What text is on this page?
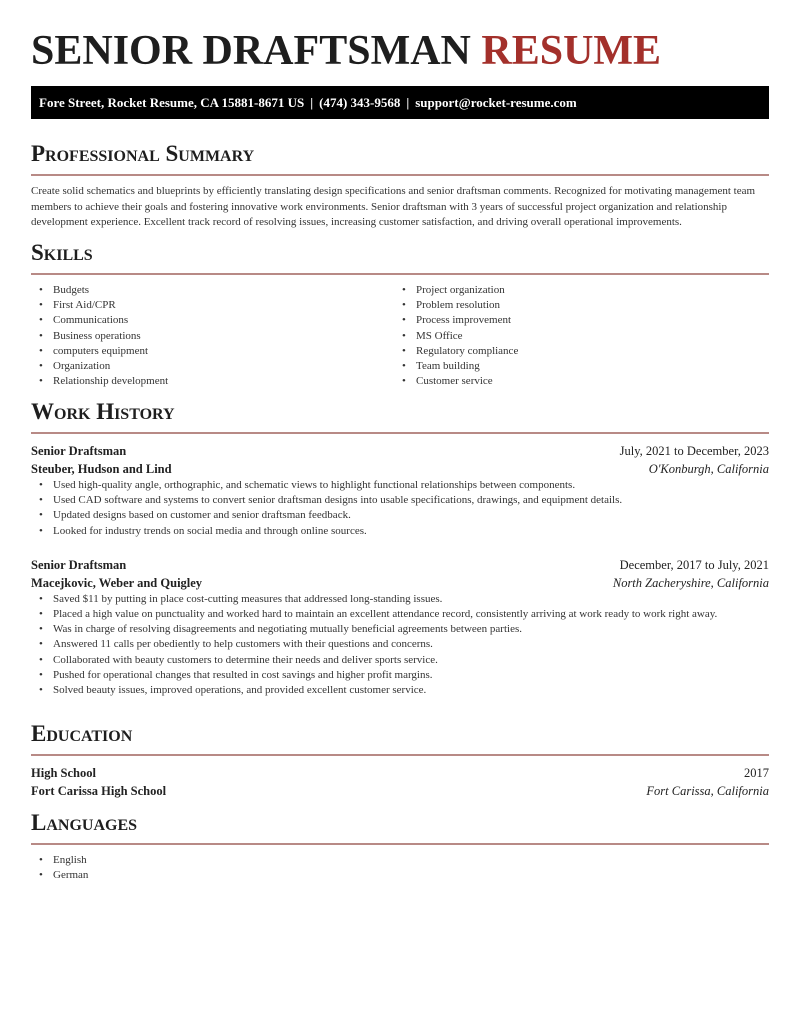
SENIOR DRAFTSMAN RESUME
Fore Street, Rocket Resume, CA 15881-8671 US | (474) 343-9568 | support@rocket-resume.com
Professional Summary

Create solid schematics and blueprints by efficiently translating design specifications and senior draftsman comments. Recognized for motivating management team members to achieve their goals and fostering innovative work environments. Senior draftsman with 3 years of successful project organization and relationship development experience. Excellent track record of resolving issues, increasing customer satisfaction, and driving overall operational improvements.

Skills
• Budgets
• First Aid/CPR
• Communications
• Business operations
• computers equipment
• Organization
• Relationship development
• Project organization
• Problem resolution
• Process improvement
• MS Office
• Regulatory compliance
• Team building
• Customer service
Work History
Senior Draftsman	July, 2021 to December, 2023
Steuber, Hudson and Lind	O'Konburgh, California
• Used high-quality angle, orthographic, and schematic views to highlight functional relationships between components.
• Used CAD software and systems to convert senior draftsman designs into usable specifications, drawings, and equipment details.
• Updated designs based on customer and senior draftsman feedback.
• Looked for industry trends on social media and through online sources.
Senior Draftsman	December, 2017 to July, 2021
Macejkovic, Weber and Quigley	North Zacheryshire, California
• Saved $11 by putting in place cost-cutting measures that addressed long-standing issues.
• Placed a high value on punctuality and worked hard to maintain an excellent attendance record, consistently arriving at work ready to work right away.
• Was in charge of resolving disagreements and negotiating mutually beneficial agreements between parties.
• Answered 11 calls per obediently to help customers with their questions and concerns.
• Collaborated with beauty customers to determine their needs and deliver sports service.
• Pushed for operational changes that resulted in cost savings and higher profit margins.
• Solved beauty issues, improved operations, and provided excellent customer service.
Education
High School	2017
Fort Carissa High School	Fort Carissa, California
Languages
• English
• German
